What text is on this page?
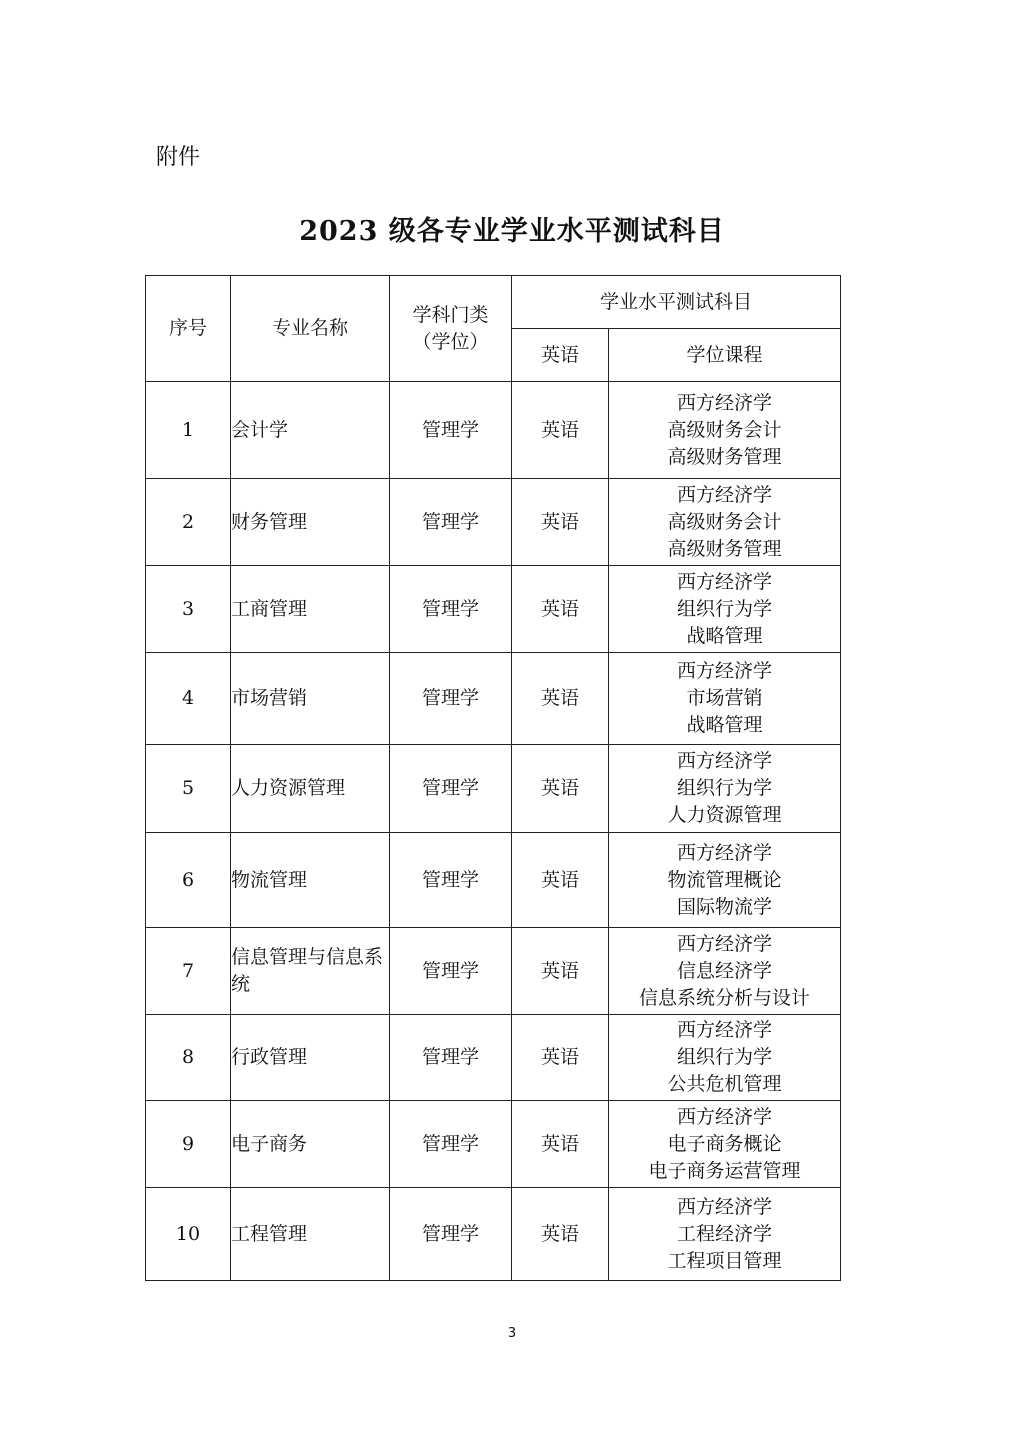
附件
2023 级各专业学业水平测试科目
序号	专业名称	学科门类（学位）	学业水平测试科目	
			英语	学位课程
1	会计学	管理学	英语	西方经济学
高级财务会计
高级财务管理

2	财务管理	管理学	英语	西方经济学
高级财务会计
高级财务管理

3	工商管理	管理学	英语	西方经济学
组织行为学
战略管理

4	市场营销	管理学	英语	西方经济学
市场营销
战略管理

5	人力资源管理	管理学	英语	西方经济学
组织行为学
人力资源管理

6	物流管理	管理学	英语	西方经济学
物流管理概论
国际物流学

7	信息管理与信息系统	管理学	英语	西方经济学
信息经济学
信息系统分析与设计

8	行政管理	管理学	英语	西方经济学
组织行为学
公共危机管理

9	电子商务	管理学	英语	西方经济学
电子商务概论
电子商务运营管理

10	工程管理	管理学	英语	西方经济学
工程经济学
工程项目管理
3
